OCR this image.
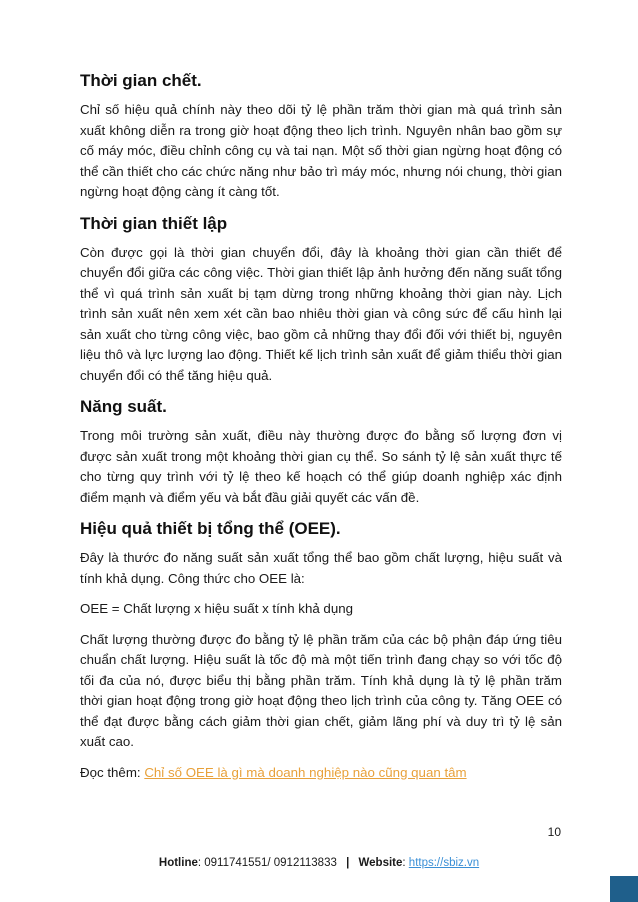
Thời gian chết.

Chỉ số hiệu quả chính này theo dõi tỷ lệ phần trăm thời gian mà quá trình sản xuất không diễn ra trong giờ hoạt động theo lịch trình. Nguyên nhân bao gồm sự cố máy móc, điều chỉnh công cụ và tai nạn. Một số thời gian ngừng hoạt động có thể cần thiết cho các chức năng như bảo trì máy móc, nhưng nói chung, thời gian ngừng hoạt động càng ít càng tốt.

Thời gian thiết lập

Còn được gọi là thời gian chuyển đổi, đây là khoảng thời gian cần thiết để chuyển đổi giữa các công việc. Thời gian thiết lập ảnh hưởng đến năng suất tổng thể vì quá trình sản xuất bị tạm dừng trong những khoảng thời gian này. Lịch trình sản xuất nên xem xét cần bao nhiêu thời gian và công sức để cấu hình lại sản xuất cho từng công việc, bao gồm cả những thay đổi đối với thiết bị, nguyên liệu thô và lực lượng lao động. Thiết kế lịch trình sản xuất để giảm thiểu thời gian chuyển đổi có thể tăng hiệu quả.

Năng suất.

Trong môi trường sản xuất, điều này thường được đo bằng số lượng đơn vị được sản xuất trong một khoảng thời gian cụ thể. So sánh tỷ lệ sản xuất thực tế cho từng quy trình với tỷ lệ theo kế hoạch có thể giúp doanh nghiệp xác định điểm mạnh và điểm yếu và bắt đầu giải quyết các vấn đề.

Hiệu quả thiết bị tổng thể (OEE).

Đây là thước đo năng suất sản xuất tổng thể bao gồm chất lượng, hiệu suất và tính khả dụng. Công thức cho OEE là:

OEE = Chất lượng x hiệu suất x tính khả dụng

Chất lượng thường được đo bằng tỷ lệ phần trăm của các bộ phận đáp ứng tiêu chuẩn chất lượng. Hiệu suất là tốc độ mà một tiến trình đang chạy so với tốc độ tối đa của nó, được biểu thị bằng phần trăm. Tính khả dụng là tỷ lệ phần trăm thời gian hoạt động trong giờ hoạt động theo lịch trình của công ty. Tăng OEE có thể đạt được bằng cách giảm thời gian chết, giảm lãng phí và duy trì tỷ lệ sản xuất cao.

Đọc thêm: Chỉ số OEE là gì mà doanh nghiệp nào cũng quan tâm

10
Hotline: 0911741551/ 0912113833 | Website: https://sbiz.vn
